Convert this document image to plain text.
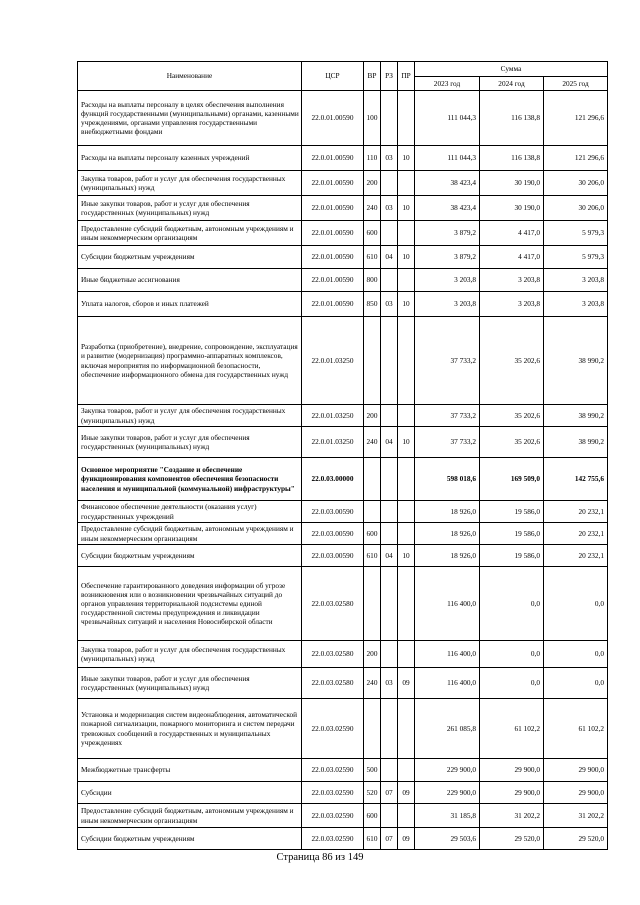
Наименование	ЦСР	ВР	РЗ	ПР	Сумма		
					2023 год	2024 год	2025 год
Расходы на выплаты персоналу в целях обеспечения выполнения функций государственными (муниципальными) органами, казенными учреждениями, органами управления государственными внебюджетными фондами	22.0.01.00590	100			111 044,3	116 138,8	121 296,6
Расходы на выплаты персоналу казенных учреждений	22.0.01.00590	110	03	10	111 044,3	116 138,8	121 296,6
Закупка товаров, работ и услуг для обеспечения государственных (муниципальных) нужд	22.0.01.00590	200			38 423,4	30 190,0	30 206,0
Иные закупки товаров, работ и услуг для обеспечения государственных (муниципальных) нужд	22.0.01.00590	240	03	10	38 423,4	30 190,0	30 206,0
Предоставление субсидий бюджетным, автономным учреждениям и иным некоммерческим организациям	22.0.01.00590	600			3 879,2	4 417,0	5 979,3
Субсидии бюджетным учреждениям	22.0.01.00590	610	04	10	3 879,2	4 417,0	5 979,3
Иные бюджетные ассигнования	22.0.01.00590	800			3 203,8	3 203,8	3 203,8
Уплата налогов, сборов и иных платежей	22.0.01.00590	850	03	10	3 203,8	3 203,8	3 203,8
Разработка (приобретение), внедрение, сопровождение, эксплуатация и развитие (модернизация) программно-аппаратных комплексов, включая мероприятия по информационной безопасности, обеспечение информационного обмена для государственных нужд	22.0.01.03250				37 733,2	35 202,6	38 990,2
Закупка товаров, работ и услуг для обеспечения государственных (муниципальных) нужд	22.0.01.03250	200			37 733,2	35 202,6	38 990,2
Иные закупки товаров, работ и услуг для обеспечения государственных (муниципальных) нужд	22.0.01.03250	240	04	10	37 733,2	35 202,6	38 990,2
Основное мероприятие "Создание и обеспечение функционирования компонентов обеспечения безопасности населения и муниципальной (коммунальной) инфраструктуры"	22.0.03.00000				598 018,6	169 509,0	142 755,6
Финансовое обеспечение деятельности (оказания услуг) государственных учреждений	22.0.03.00590				18 926,0	19 586,0	20 232,1
Предоставление субсидий бюджетным, автономным учреждениям и иным некоммерческим организациям	22.0.03.00590	600			18 926,0	19 586,0	20 232,1
Субсидии бюджетным учреждениям	22.0.03.00590	610	04	10	18 926,0	19 586,0	20 232,1
Обеспечение гарантированного доведения информации об угрозе возникновения или о возникновении чрезвычайных ситуаций до органов управления территориальной подсистемы единой государственной системы предупреждения и ликвидации чрезвычайных ситуаций и населения Новосибирской области	22.0.03.02580				116 400,0	0,0	0,0
Закупка товаров, работ и услуг для обеспечения государственных (муниципальных) нужд	22.0.03.02580	200			116 400,0	0,0	0,0
Иные закупки товаров, работ и услуг для обеспечения государственных (муниципальных) нужд	22.0.03.02580	240	03	09	116 400,0	0,0	0,0
Установка и модернизация систем видеонаблюдения, автоматической пожарной сигнализации, пожарного мониторинга и систем передачи тревожных сообщений в государственных и муниципальных учреждениях	22.0.03.02590				261 085,8	61 102,2	61 102,2
Межбюджетные трансферты	22.0.03.02590	500			229 900,0	29 900,0	29 900,0
Субсидии	22.0.03.02590	520	07	09	229 900,0	29 900,0	29 900,0
Предоставление субсидий бюджетным, автономным учреждениям и иным некоммерческим организациям	22.0.03.02590	600			31 185,8	31 202,2	31 202,2
Субсидии бюджетным учреждениям	22.0.03.02590	610	07	09	29 503,6	29 520,0	29 520,0
Страница 86 из 149
